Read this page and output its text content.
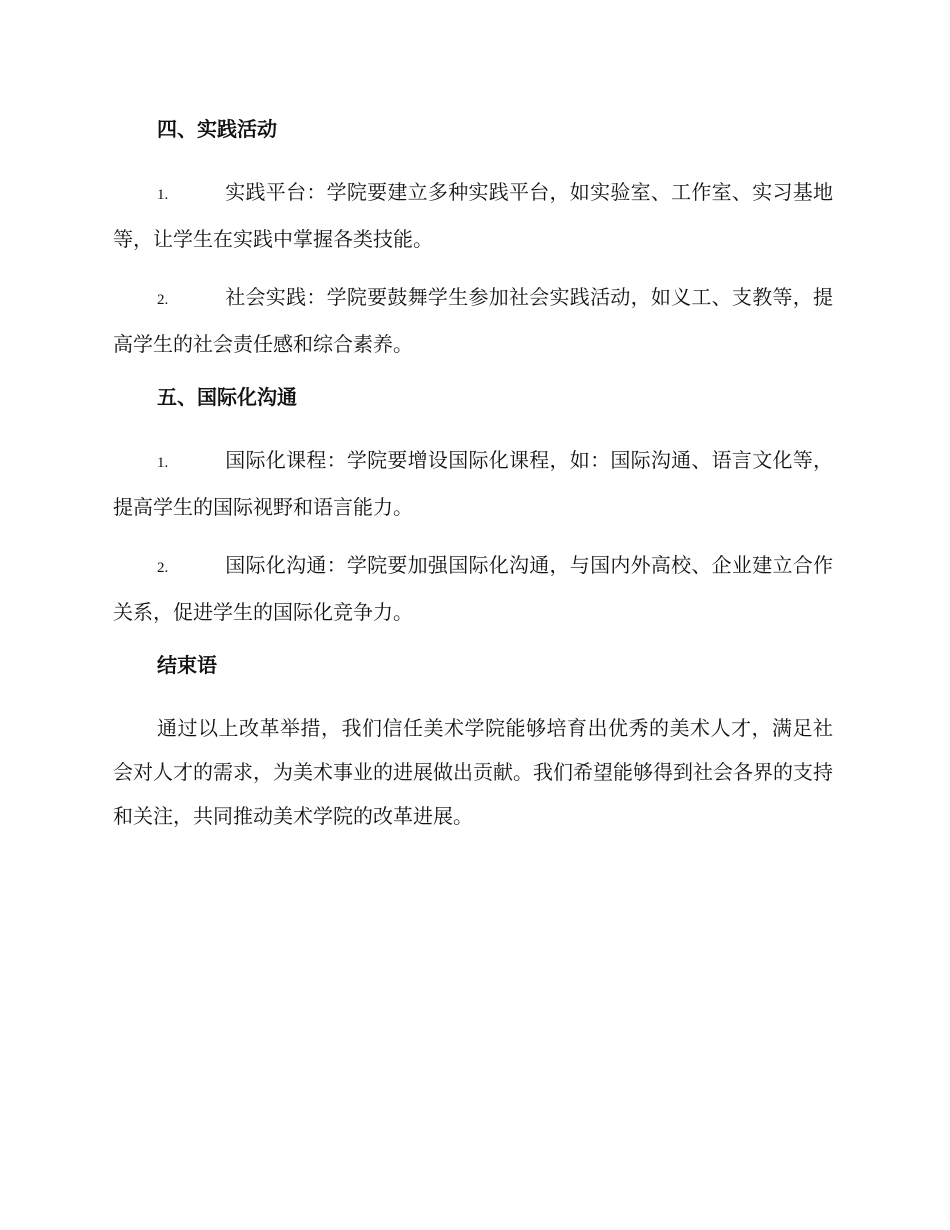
四、实践活动

1.	实践平台：学院要建立多种实践平台，如实验室、工作室、实习基地等，让学生在实践中掌握各类技能。

2.	社会实践：学院要鼓舞学生参加社会实践活动，如义工、支教等，提高学生的社会责任感和综合素养。

五、国际化沟通

1.	国际化课程：学院要增设国际化课程，如：国际沟通、语言文化等，提高学生的国际视野和语言能力。

2.	国际化沟通：学院要加强国际化沟通，与国内外高校、企业建立合作关系，促进学生的国际化竞争力。

结束语

通过以上改革举措，我们信任美术学院能够培育出优秀的美术人才，满足社会对人才的需求，为美术事业的进展做出贡献。我们希望能够得到社会各界的支持和关注，共同推动美术学院的改革进展。
